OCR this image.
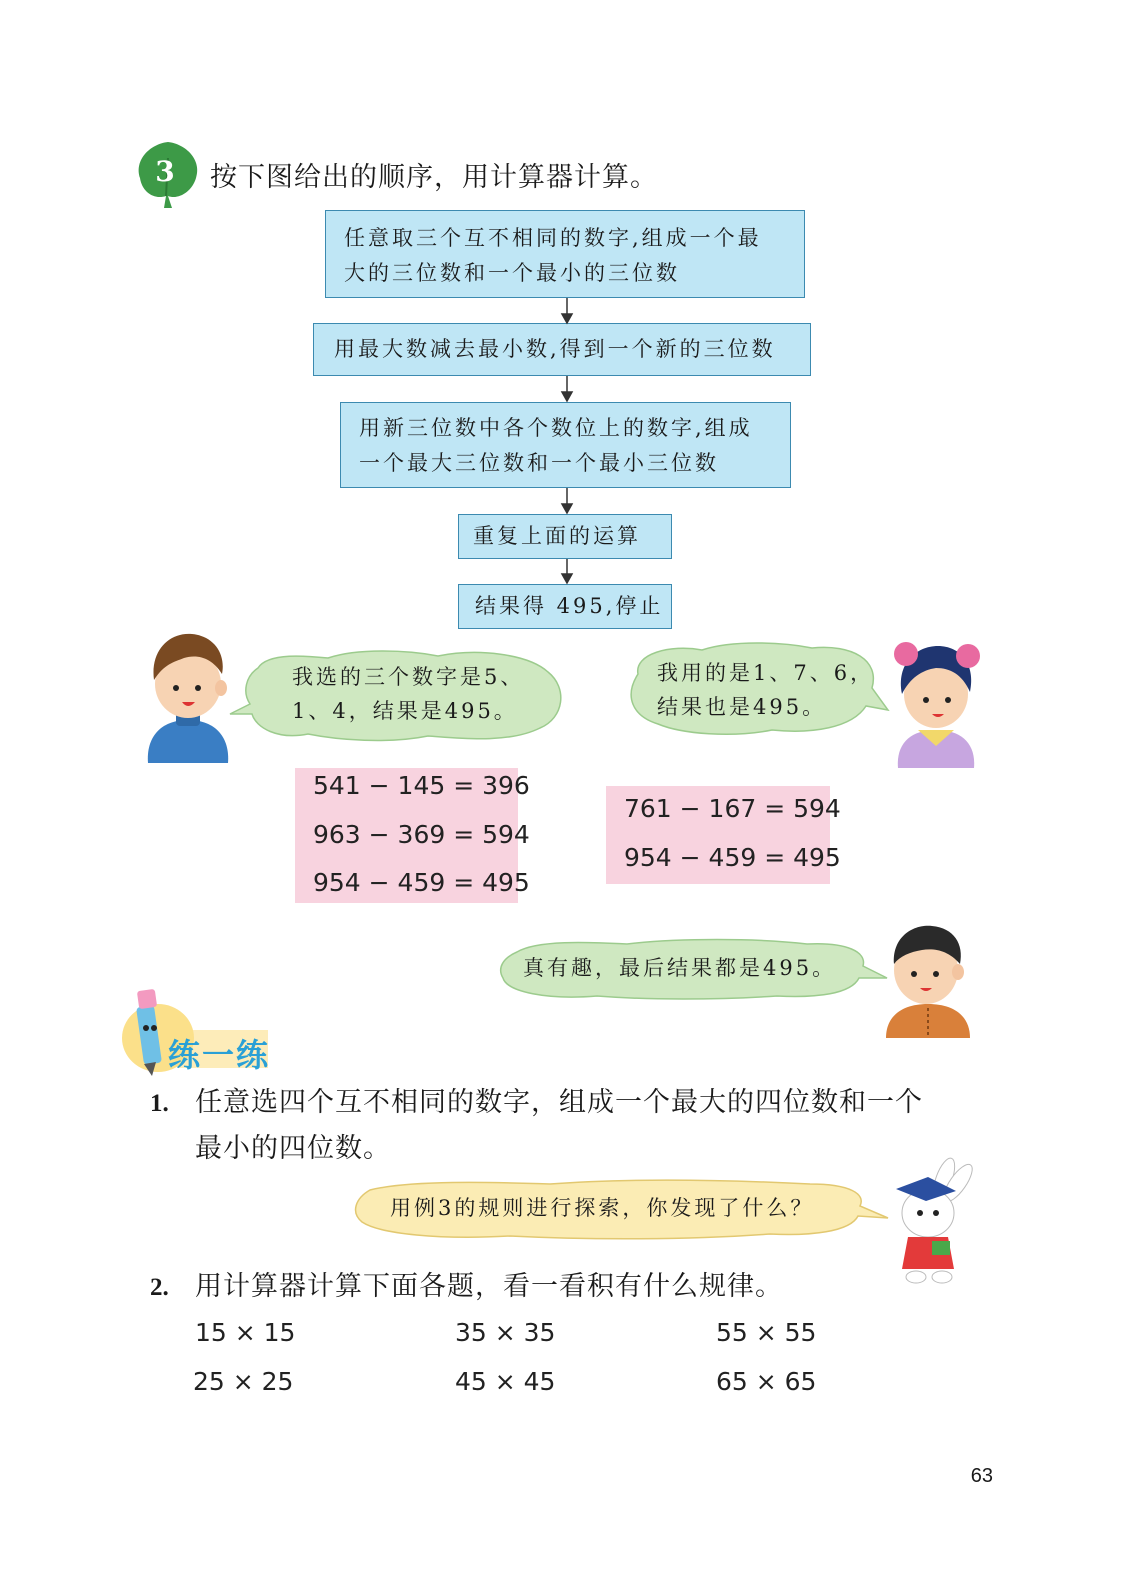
3 按下图给出的顺序，用计算器计算。
任意取三个互不相同的数字,组成一个最
大的三位数和一个最小的三位数
用最大数减去最小数,得到一个新的三位数
用新三位数中各个数位上的数字,组成
一个最大三位数和一个最小三位数
重复上面的运算
结果得 495,停止
我选的三个数字是5、
1、4，结果是495。
我用的是1、7、6，
结果也是495。
541 − 145 = 396
963 − 369 = 594
954 − 459 = 495
761 − 167 = 594
954 − 459 = 495
真有趣，最后结果都是495。
练一练
1. 任意选四个互不相同的数字，组成一个最大的四位数和一个
最小的四位数。
用例3的规则进行探索，你发现了什么？
2. 用计算器计算下面各题，看一看积有什么规律。
15 × 15	35 × 35	55 × 55
25 × 25	45 × 45	65 × 65
63
